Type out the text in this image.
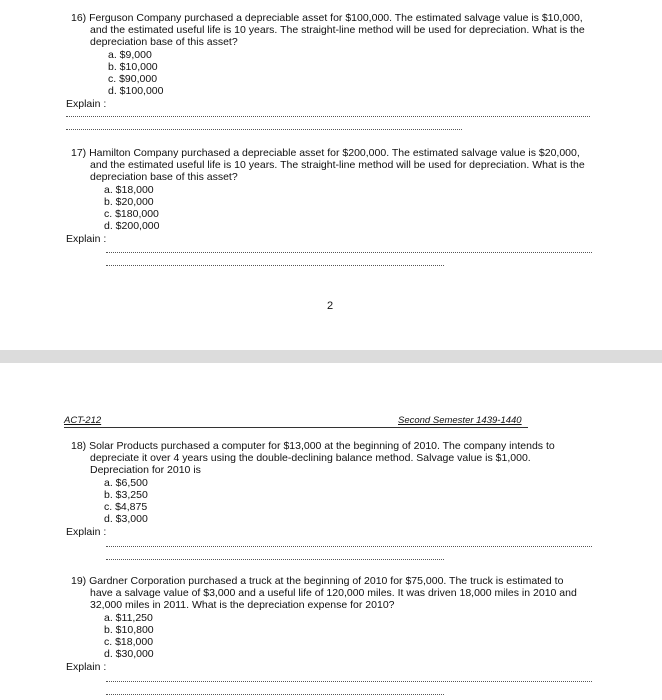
16) Ferguson Company purchased a depreciable asset for $100,000. The estimated salvage value is $10,000,
and the estimated useful life is 10 years. The straight-line method will be used for depreciation. What is the
depreciation base of this asset?
a. $9,000
b. $10,000
c. $90,000
d. $100,000
Explain :
17) Hamilton Company purchased a depreciable asset for $200,000. The estimated salvage value is $20,000,
and the estimated useful life is 10 years. The straight-line method will be used for depreciation. What is the
depreciation base of this asset?
a. $18,000
b. $20,000
c. $180,000
d. $200,000
Explain :
2
ACT-212	Second Semester 1439-1440
18) Solar Products purchased a computer for $13,000 at the beginning of 2010. The company intends to
depreciate it over 4 years using the double-declining balance method. Salvage value is $1,000.
Depreciation for 2010 is
a. $6,500
b. $3,250
c. $4,875
d. $3,000
Explain :
19) Gardner Corporation purchased a truck at the beginning of 2010 for $75,000. The truck is estimated to
have a salvage value of $3,000 and a useful life of 120,000 miles. It was driven 18,000 miles in 2010 and
32,000 miles in 2011. What is the depreciation expense for 2010?
a. $11,250
b. $10,800
c. $18,000
d. $30,000
Explain :
